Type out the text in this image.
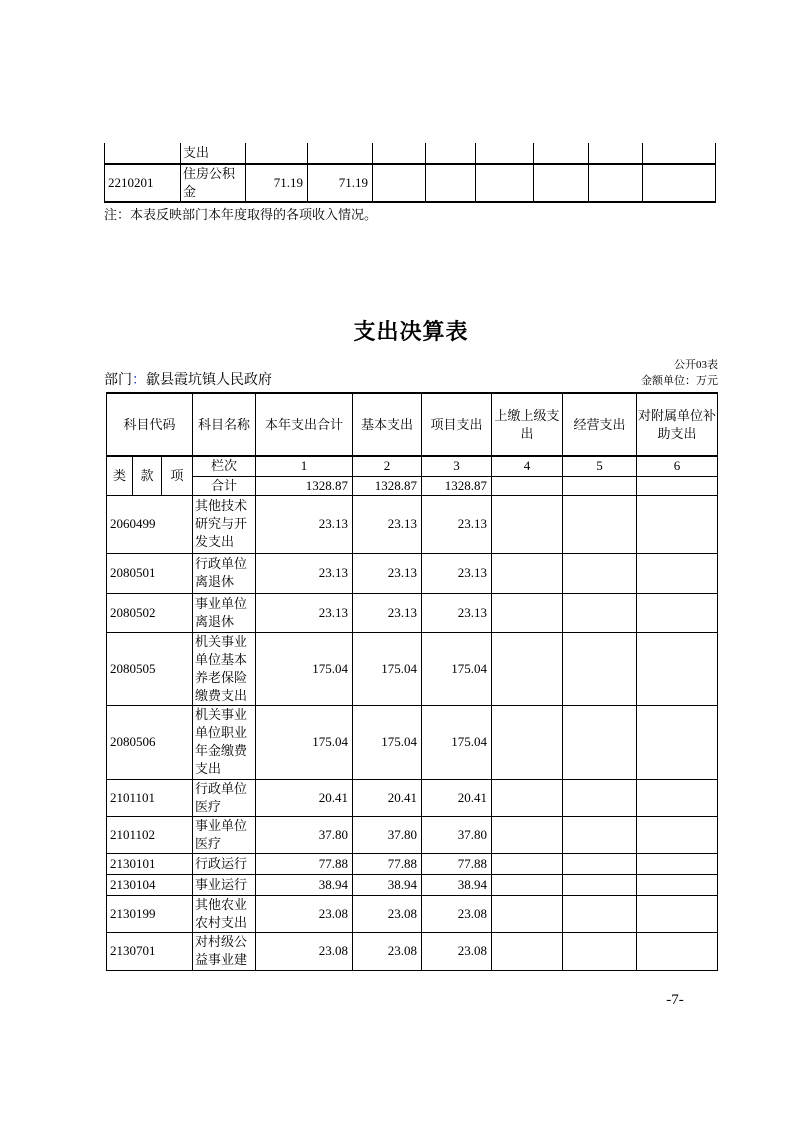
	支出								
2210201	住房公积金	71.19	71.19						
注：本表反映部门本年度取得的各项收入情况。
支出决算表
公开03表
部门：歙县霞坑镇人民政府	金额单位：万元
科目代码			科目名称	本年支出合计	基本支出	项目支出	上缴上级支出	经营支出	对附属单位补助支出
类	款	项	栏次	1	2	3	4	5	6
			合计	1328.87	1328.87	1328.87			
2060499			其他技术研究与开发支出	23.13	23.13	23.13			
2080501			行政单位离退休	23.13	23.13	23.13			
2080502			事业单位离退休	23.13	23.13	23.13			
2080505			机关事业单位基本养老保险缴费支出	175.04	175.04	175.04			
2080506			机关事业单位职业年金缴费支出	175.04	175.04	175.04			
2101101			行政单位医疗	20.41	20.41	20.41			
2101102			事业单位医疗	37.80	37.80	37.80			
2130101			行政运行	77.88	77.88	77.88			
2130104			事业运行	38.94	38.94	38.94			
2130199			其他农业农村支出	23.08	23.08	23.08			
2130701			对村级公益事业建	23.08	23.08	23.08			
-7-
